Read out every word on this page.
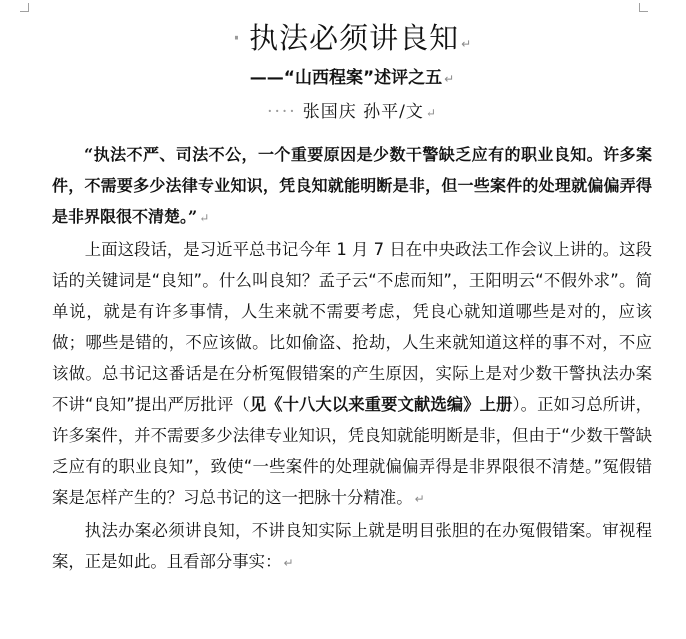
· 执法必须讲良知 ↵
——“山西程案”述评之五 ↵
···· 张国庆 孙平/文 ↵

“执法不严、司法不公，一个重要原因是少数干警缺乏应有的职业良知。许多案件，不需要多少法律专业知识，凭良知就能明断是非，但一些案件的处理就偏偏弄得是非界限很不清楚。” ↵

上面这段话，是习近平总书记今年 1 月 7 日在中央政法工作会议上讲的。这段话的关键词是“良知”。什么叫良知？孟子云“不虑而知”，王阳明云“不假外求”。简单说，就是有许多事情，人生来就不需要考虑，凭良心就知道哪些是对的，应该做；哪些是错的，不应该做。比如偷盗、抢劫，人生来就知道这样的事不对，不应该做。总书记这番话是在分析冤假错案的产生原因，实际上是对少数干警执法办案不讲“良知”提出严厉批评（见《十八大以来重要文献选编》上册）。正如习总所讲，许多案件，并不需要多少法律专业知识，凭良知就能明断是非，但由于“少数干警缺乏应有的职业良知”，致使“一些案件的处理就偏偏弄得是非界限很不清楚。”冤假错案是怎样产生的？习总书记的这一把脉十分精准。 ↵

执法办案必须讲良知，不讲良知实际上就是明目张胆的在办冤假错案。审视程案，正是如此。且看部分事实： ↵
